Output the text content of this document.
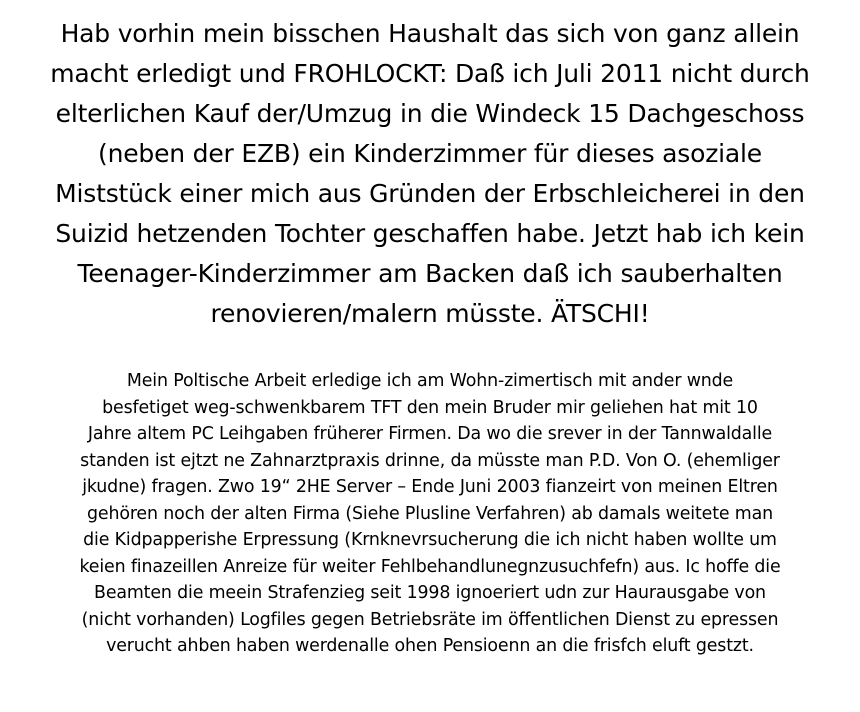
Hab vorhin mein bisschen Haushalt das sich von ganz allein
macht erledigt und FROHLOCKT: Daß ich Juli 2011 nicht durch
elterlichen Kauf der/Umzug in die Windeck 15 Dachgeschoss
(neben der EZB) ein Kinderzimmer für dieses asoziale
Miststück einer mich aus Gründen der Erbschleicherei in den
Suizid hetzenden Tochter geschaffen habe. Jetzt hab ich kein
Teenager-Kinderzimmer am Backen daß ich sauberhalten
renovieren/malern müsste. ÄTSCHI!
Mein Poltische Arbeit erledige ich am Wohn-zimertisch mit ander wnde
besfetiget weg-schwenkbarem TFT den mein Bruder mir geliehen hat mit 10
Jahre altem PC Leihgaben früherer Firmen. Da wo die srever in der Tannwaldalle
standen ist ejtzt ne Zahnarztpraxis drinne, da müsste man P.D. Von O. (ehemliger
jkudne) fragen. Zwo 19“ 2HE Server – Ende Juni 2003 fianzeirt von meinen Eltren
gehören noch der alten Firma (Siehe Plusline Verfahren) ab damals weitete man
die Kidpapperishe Erpressung (Krnknevrsucherung die ich nicht haben wollte um
keien finazeillen Anreize für weiter Fehlbehandlunegnzusuchfefn) aus. Ic hoffe die
Beamten die meein Strafenzieg seit 1998 ignoeriert udn zur Haurausgabe von
(nicht vorhanden) Logfiles gegen Betriebsräte im öffentlichen Dienst zu epressen
verucht ahben haben werdenalle ohen Pensioenn an die frisfch eluft gestzt.
